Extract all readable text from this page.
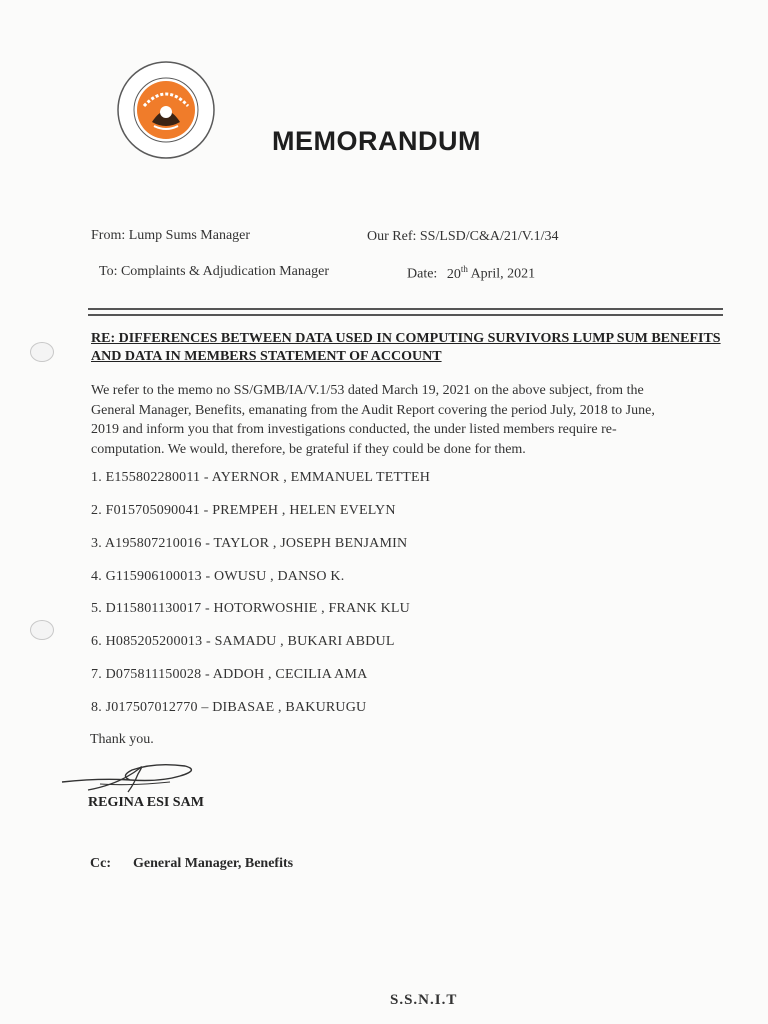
MEMORANDUM
From: Lump Sums Manager	Our Ref: SS/LSD/C&A/21/V.1/34
To: Complaints & Adjudication Manager	Date: 20th April, 2021
RE: DIFFERENCES BETWEEN DATA USED IN COMPUTING SURVIVORS LUMP SUM BENEFITS AND DATA IN MEMBERS STATEMENT OF ACCOUNT
We refer to the memo no SS/GMB/IA/V.1/53 dated March 19, 2021 on the above subject, from the General Manager, Benefits, emanating from the Audit Report covering the period July, 2018 to June, 2019 and inform you that from investigations conducted, the under listed members require re-computation. We would, therefore, be grateful if they could be done for them.
1. E155802280011 - AYERNOR , EMMANUEL TETTEH
2. F015705090041 - PREMPEH , HELEN EVELYN
3. A195807210016 - TAYLOR , JOSEPH BENJAMIN
4. G115906100013 - OWUSU , DANSO K.
5. D115801130017 - HOTORWOSHIE , FRANK KLU
6. H085205200013 - SAMADU , BUKARI ABDUL
7. D075811150028 - ADDOH , CECILIA AMA
8. J017507012770 – DIBASAE , BAKURUGU
Thank you.
REGINA ESI SAM
Cc: General Manager, Benefits
S.S.N.I.T
